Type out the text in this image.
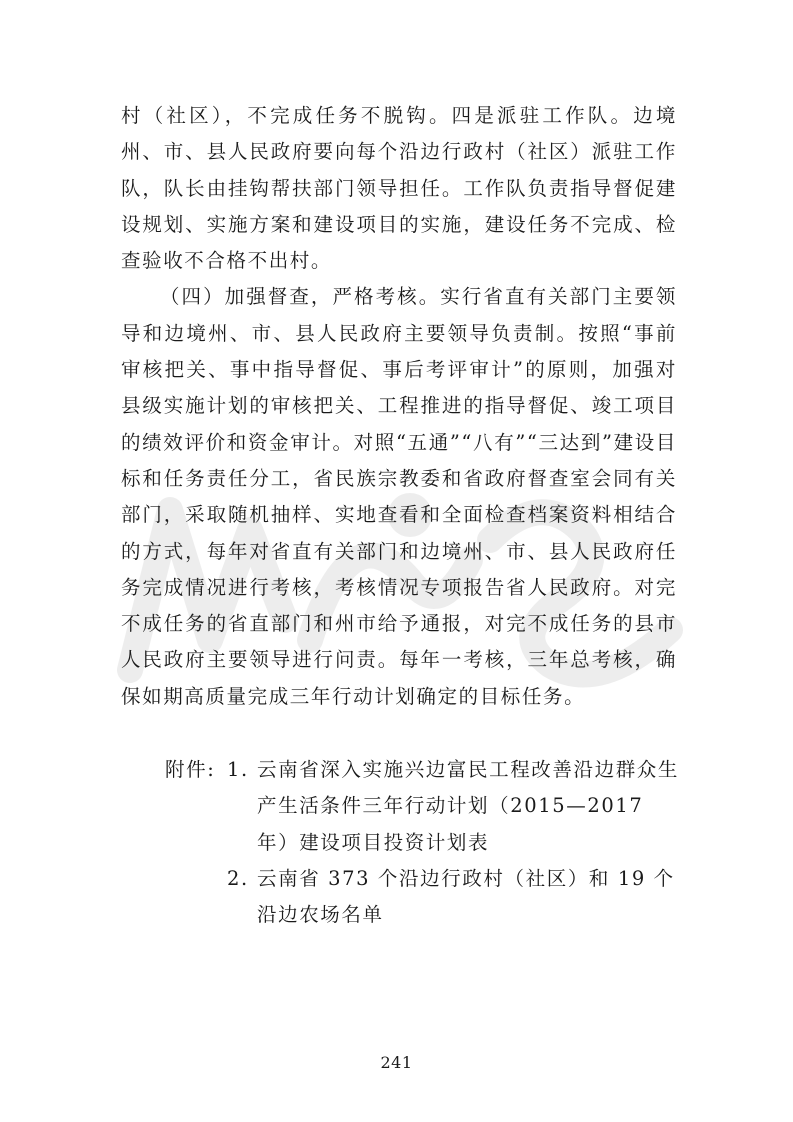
村（社区），不完成任务不脱钩。四是派驻工作队。边境州、市、县人民政府要向每个沿边行政村（社区）派驻工作队，队长由挂钩帮扶部门领导担任。工作队负责指导督促建设规划、实施方案和建设项目的实施，建设任务不完成、检查验收不合格不出村。

（四）加强督查，严格考核。实行省直有关部门主要领导和边境州、市、县人民政府主要领导负责制。按照“事前审核把关、事中指导督促、事后考评审计”的原则，加强对县级实施计划的审核把关、工程推进的指导督促、竣工项目的绩效评价和资金审计。对照“五通”“八有”“三达到”建设目标和任务责任分工，省民族宗教委和省政府督查室会同有关部门，采取随机抽样、实地查看和全面检查档案资料相结合的方式，每年对省直有关部门和边境州、市、县人民政府任务完成情况进行考核，考核情况专项报告省人民政府。对完不成任务的省直部门和州市给予通报，对完不成任务的县市人民政府主要领导进行问责。每年一考核，三年总考核，确保如期高质量完成三年行动计划确定的目标任务。

附件: 1. 云南省深入实施兴边富民工程改善沿边群众生产生活条件三年行动计划（2015—2017 年）建设项目投资计划表
2. 云南省 373 个沿边行政村（社区）和 19 个沿边农场名单
241
